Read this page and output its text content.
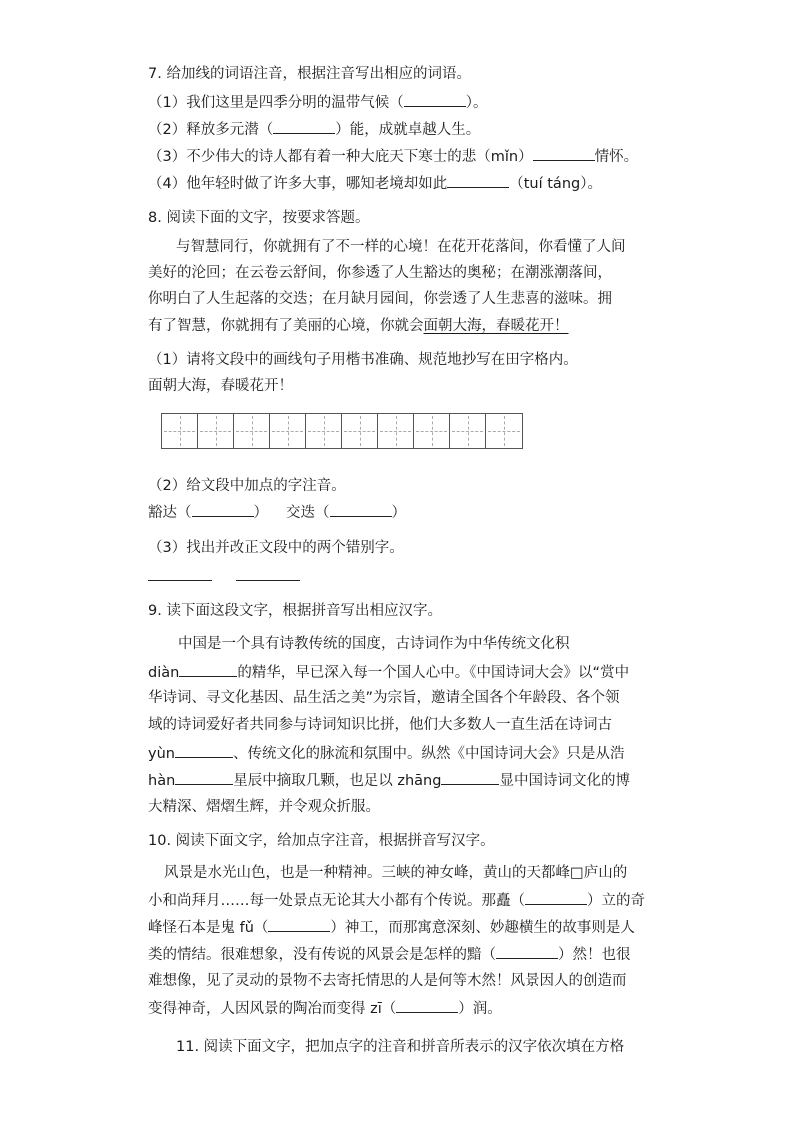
7. 给加线的词语注音，根据注音写出相应的词语。
（1）我们这里是四季分明的温带气候（	）。
（2）释放多元潜（	）能，成就卓越人生。
（3）不少伟大的诗人都有着一种大庇天下寒士的悲（mǐn）	情怀。
（4）他年轻时做了许多大事，哪知老境却如此	（tuí táng）。
8. 阅读下面的文字，按要求答题。
与智慧同行，你就拥有了不一样的心境！在花开花落间，你看懂了人间
美好的沦回；在云卷云舒间，你参透了人生豁达的奥秘；在潮涨潮落间，
你明白了人生起落的交迭；在月缺月园间，你尝透了人生悲喜的滋味。拥
有了智慧，你就拥有了美丽的心境，你就会面朝大海，春暖花开！
（1）请将文段中的画线句子用楷书准确、规范地抄写在田字格内。
面朝大海，春暖花开！
（2）给文段中加点的字注音。
豁达（	） 交迭（	）
（3）找出并改正文段中的两个错别字。
9. 读下面这段文字，根据拼音写出相应汉字。
中国是一个具有诗教传统的国度，古诗词作为中华传统文化积
diàn	的精华，早已深入每一个国人心中。《中国诗词大会》以“赏中
华诗词、寻文化基因、品生活之美”为宗旨，邀请全国各个年龄段、各个领
域的诗词爱好者共同参与诗词知识比拼，他们大多数人一直生活在诗词古
yùn	、传统文化的脉流和氛围中。纵然《中国诗词大会》只是从浩
hàn	星辰中摘取几颗，也足以 zhāng	显中国诗词文化的博
大精深、熠熠生辉，并令观众折服。
10. 阅读下面文字，给加点字注音，根据拼音写汉字。
风景是水光山色，也是一种精神。三峡的神女峰，黄山的天都峰□庐山的
小和尚拜月……每一处景点无论其大小都有个传说。那矗（	）立的奇
峰怪石本是鬼 fǔ（	）神工，而那寓意深刻、妙趣横生的故事则是人
类的情结。很难想象，没有传说的风景会是怎样的黯（	）然！也很
难想像，见了灵动的景物不去寄托情思的人是何等木然！风景因人的创造而
变得神奇，人因风景的陶冶而变得 zī（	）润。
11. 阅读下面文字，把加点字的注音和拼音所表示的汉字依次填在方格
